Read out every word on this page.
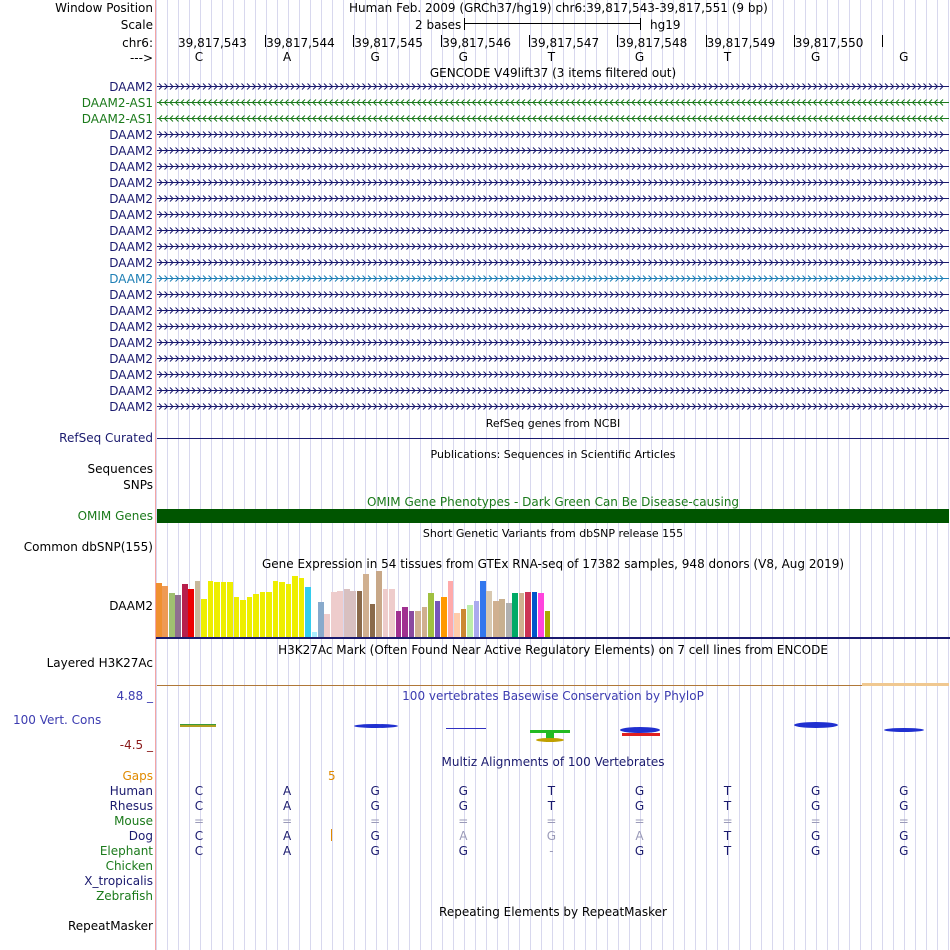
Window Position	Human Feb. 2009 (GRCh37/hg19) chr6:39,817,543-39,817,551 (9 bp)
Scale	2 bases	hg19
chr6: 39,817,543 39,817,544 39,817,545 39,817,546 39,817,547 39,817,548 39,817,549 39,817,550
--->	C	A	G	G	T	G	T	G	G
GENCODE V49lift37 (3 items filtered out)
DAAM2
DAAM2-AS1
DAAM2-AS1
DAAM2
DAAM2
DAAM2
DAAM2
DAAM2
DAAM2
DAAM2
DAAM2
DAAM2
DAAM2
DAAM2
DAAM2
DAAM2
DAAM2
DAAM2
DAAM2
DAAM2
DAAM2
RefSeq genes from NCBI
RefSeq Curated
Publications: Sequences in Scientific Articles
Sequences
SNPs
OMIM Gene Phenotypes - Dark Green Can Be Disease-causing
OMIM Genes
Short Genetic Variants from dbSNP release 155
Common dbSNP(155)
Gene Expression in 54 tissues from GTEx RNA-seq of 17382 samples, 948 donors (V8, Aug 2019)
DAAM2
H3K27Ac Mark (Often Found Near Active Regulatory Elements) on 7 cell lines from ENCODE
Layered H3K27Ac
100 vertebrates Basewise Conservation by PhyloP
4.88 _
100 Vert. Cons
-4.5 _
Multiz Alignments of 100 Vertebrates
Gaps	5
Human	C	A	G	G	T	G	T	G	G
Rhesus	C	A	G	G	T	G	T	G	G
Mouse	=	=	=	=	=	=	=	=	=
Dog	C	A	G	A	G	A	T	G	G
Elephant	C	A	G	G	-	G	T	G	G
Chicken
X_tropicalis
Zebrafish
Repeating Elements by RepeatMasker
RepeatMasker
